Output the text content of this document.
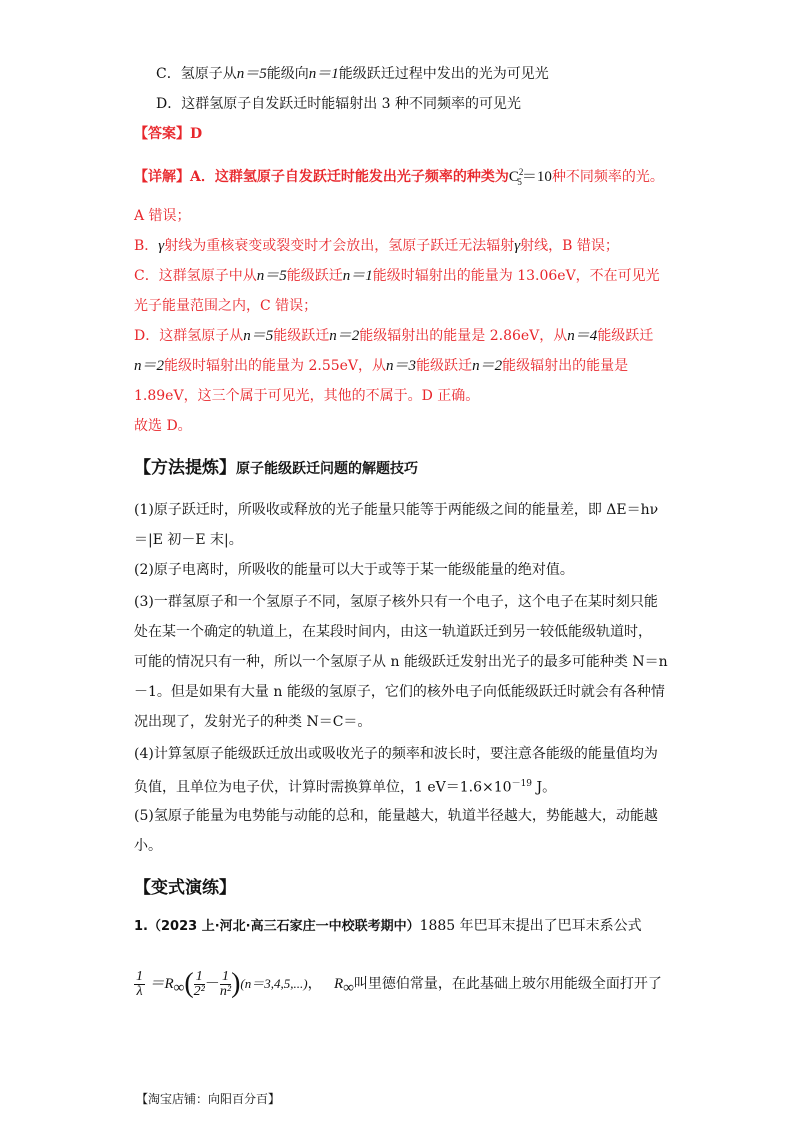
C．氢原子从n＝5能级向n＝1能级跃迁过程中发出的光为可见光
D．这群氢原子自发跃迁时能辐射出 3 种不同频率的可见光
【答案】D
【详解】A．这群氢原子自发跃迁时能发出光子频率的种类为$C^2_5=10$种不同频率的光。
A 错误；
B．γ射线为重核衰变或裂变时才会放出，氢原子跃迁无法辐射γ射线，B 错误；
C．这群氢原子中从n＝5能级跃迁n＝1能级时辐射出的能量为 13.06eV，不在可见光
光子能量范围之内，C 错误；
D．这群氢原子从n＝5能级跃迁n＝2能级辐射出的能量是 2.86eV，从n＝4能级跃迁
n＝2能级时辐射出的能量为 2.55eV，从n＝3能级跃迁n＝2能级辐射出的能量是
1.89eV，这三个属于可见光，其他的不属于。D 正确。
故选 D。
【方法提炼】原子能级跃迁问题的解题技巧
(1)原子跃迁时，所吸收或释放的光子能量只能等于两能级之间的能量差，即 ΔE＝hν
＝|E 初－E 末|。
(2)原子电离时，所吸收的能量可以大于或等于某一能级能量的绝对值。
(3)一群氢原子和一个氢原子不同，氢原子核外只有一个电子，这个电子在某时刻只能
处在某一个确定的轨道上，在某段时间内，由这一轨道跃迁到另一较低能级轨道时，
可能的情况只有一种，所以一个氢原子从 n 能级跃迁发射出光子的最多可能种类 N＝n
－1。但是如果有大量 n 能级的氢原子，它们的核外电子向低能级跃迁时就会有各种情
况出现了，发射光子的种类 N＝C＝。
(4)计算氢原子能级跃迁放出或吸收光子的频率和波长时，要注意各能级的能量值均为
负值，且单位为电子伏，计算时需换算单位，1 $eV=1.6\times 10^{-19}$ J。
(5)氢原子能量为电势能与动能的总和，能量越大，轨道半径越大，势能越大，动能越
小。
【变式演练】
1.（2023 上·河北·高三石家庄一中校联考期中）1885 年巴耳末提出了巴耳末系公式
$\frac{1}{\lambda} =R_\infty( \frac{1}{\text{2²}} - \frac{1}{\text{n²}} )(n=3,4,5,...)$， $R_\infty$叫里德伯常量，在此基础上玻尔用能级全面打开了
【淘宝店铺：向阳百分百】
